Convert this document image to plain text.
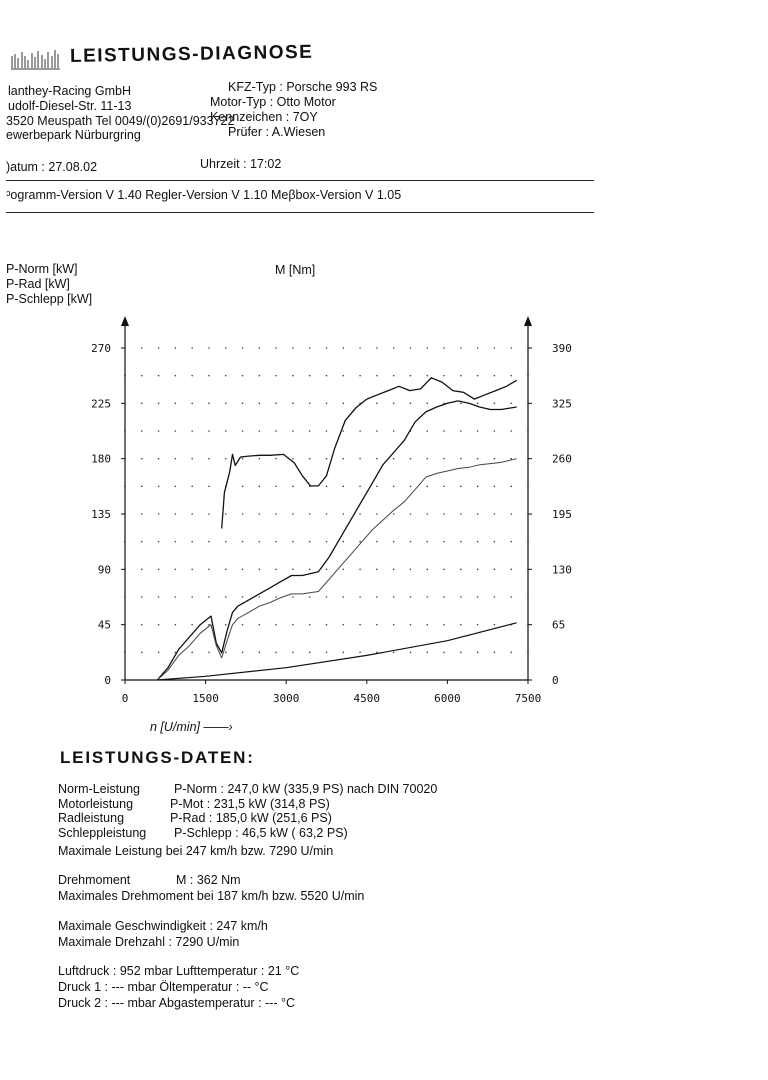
LEISTUNGS-DIAGNOSE
lanthey-Racing GmbH
udolf-Diesel-Str. 11-13
3520 Meuspath Tel 0049/(0)2691/933722
ewerbepark Nürburgring
KFZ-Typ : Porsche 993 RS
Motor-Typ : Otto Motor
Kennzeichen : 7OY
Prüfer : A.Wiesen
)atum : 27.08.02	Uhrzeit : 17:02
ᵓogramm-Version V 1.40 Regler-Version V 1.10 Meβbox-Version V 1.05
P-Norm [kW]
P-Rad [kW]
P-Schlepp [kW]
M [Nm]
0
45
90
135
180
225
270
0
65
130
195
260
325
390
0	1500	3000	4500	6000	7500
n [U/min] ——›
LEISTUNGS-DATEN:
Norm-Leistung	P-Norm : 247,0 kW (335,9 PS) nach DIN 70020
Motorleistung	P-Mot : 231,5 kW (314,8 PS)
Radleistung	P-Rad : 185,0 kW (251,6 PS)
Schleppleistung P-Schlepp : 46,5 kW ( 63,2 PS)
Maximale Leistung bei 247 km/h bzw. 7290 U/min
Drehmoment	M : 362 Nm
Maximales Drehmoment bei 187 km/h bzw. 5520 U/min
Maximale Geschwindigkeit : 247 km/h
Maximale Drehzahl : 7290 U/min
Luftdruck : 952 mbar Lufttemperatur : 21 °C
Druck 1 : --- mbar Öltemperatur : -- °C
Druck 2 : --- mbar Abgastemperatur : --- °C
